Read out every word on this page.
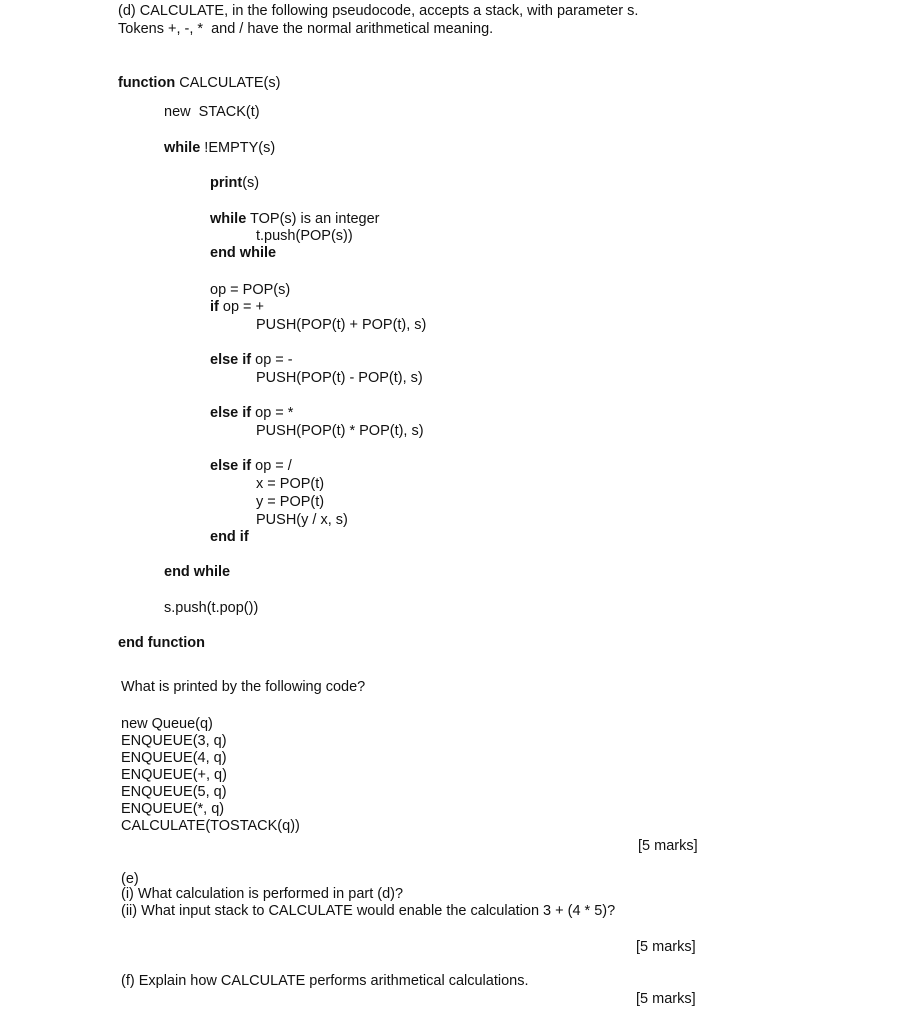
(d) CALCULATE, in the following pseudocode, accepts a stack, with parameter s.
Tokens +, -, *  and / have the normal arithmetical meaning.
function CALCULATE(s)
new  STACK(t)
while !EMPTY(s)
print(s)
while TOP(s) is an integer
t.push(POP(s))
end while
op = POP(s)
if op = +
PUSH(POP(t) + POP(t), s)
else if op = -
PUSH(POP(t) - POP(t), s)
else if op = *
PUSH(POP(t) * POP(t), s)
else if op = /
x = POP(t)
y = POP(t)
PUSH(y / x, s)
end if
end while
s.push(t.pop())
end function
What is printed by the following code?
new Queue(q)
ENQUEUE(3, q)
ENQUEUE(4, q)
ENQUEUE(+, q)
ENQUEUE(5, q)
ENQUEUE(*, q)
CALCULATE(TOSTACK(q))
[5 marks]
(e)
(i) What calculation is performed in part (d)?
(ii) What input stack to CALCULATE would enable the calculation 3 + (4 * 5)?
[5 marks]
(f) Explain how CALCULATE performs arithmetical calculations.
[5 marks]
